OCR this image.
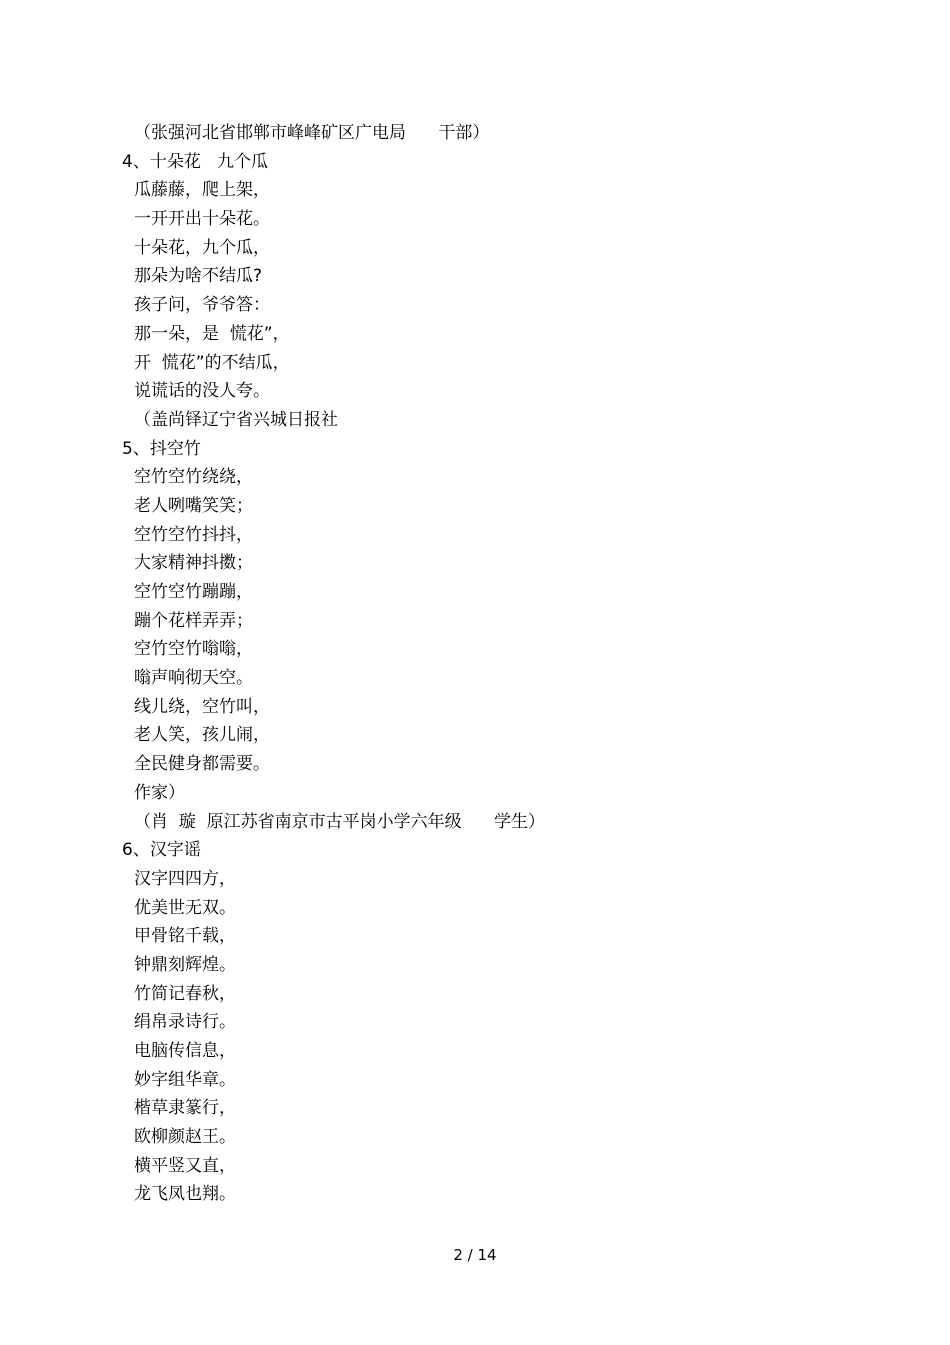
（张强河北省邯郸市峰峰矿区广电局      干部）
4、十朵花   九个瓜
瓜藤藤，爬上架，
一开开出十朵花。
十朵花，九个瓜，
那朵为啥不结瓜?
孩子问，爷爷答：
那一朵，是  慌花”，
开  慌花”的不结瓜，
说谎话的没人夸。
（盖尚铎辽宁省兴城日报社
5、抖空竹
空竹空竹绕绕，
老人咧嘴笑笑；
空竹空竹抖抖，
大家精神抖擞；
空竹空竹蹦蹦，
蹦个花样弄弄；
空竹空竹嗡嗡，
嗡声响彻天空。
线儿绕，空竹叫，
老人笑，孩儿闹，
全民健身都需要。
作家）
（肖  璇  原江苏省南京市古平岗小学六年级      学生）
6、汉字谣
汉字四四方，
优美世无双。
甲骨铭千载，
钟鼎刻辉煌。
竹简记春秋，
绢帛录诗行。
电脑传信息，
妙字组华章。
楷草隶篆行，
欧柳颜赵王。
横平竖又直，
龙飞凤也翔。
2 / 14
